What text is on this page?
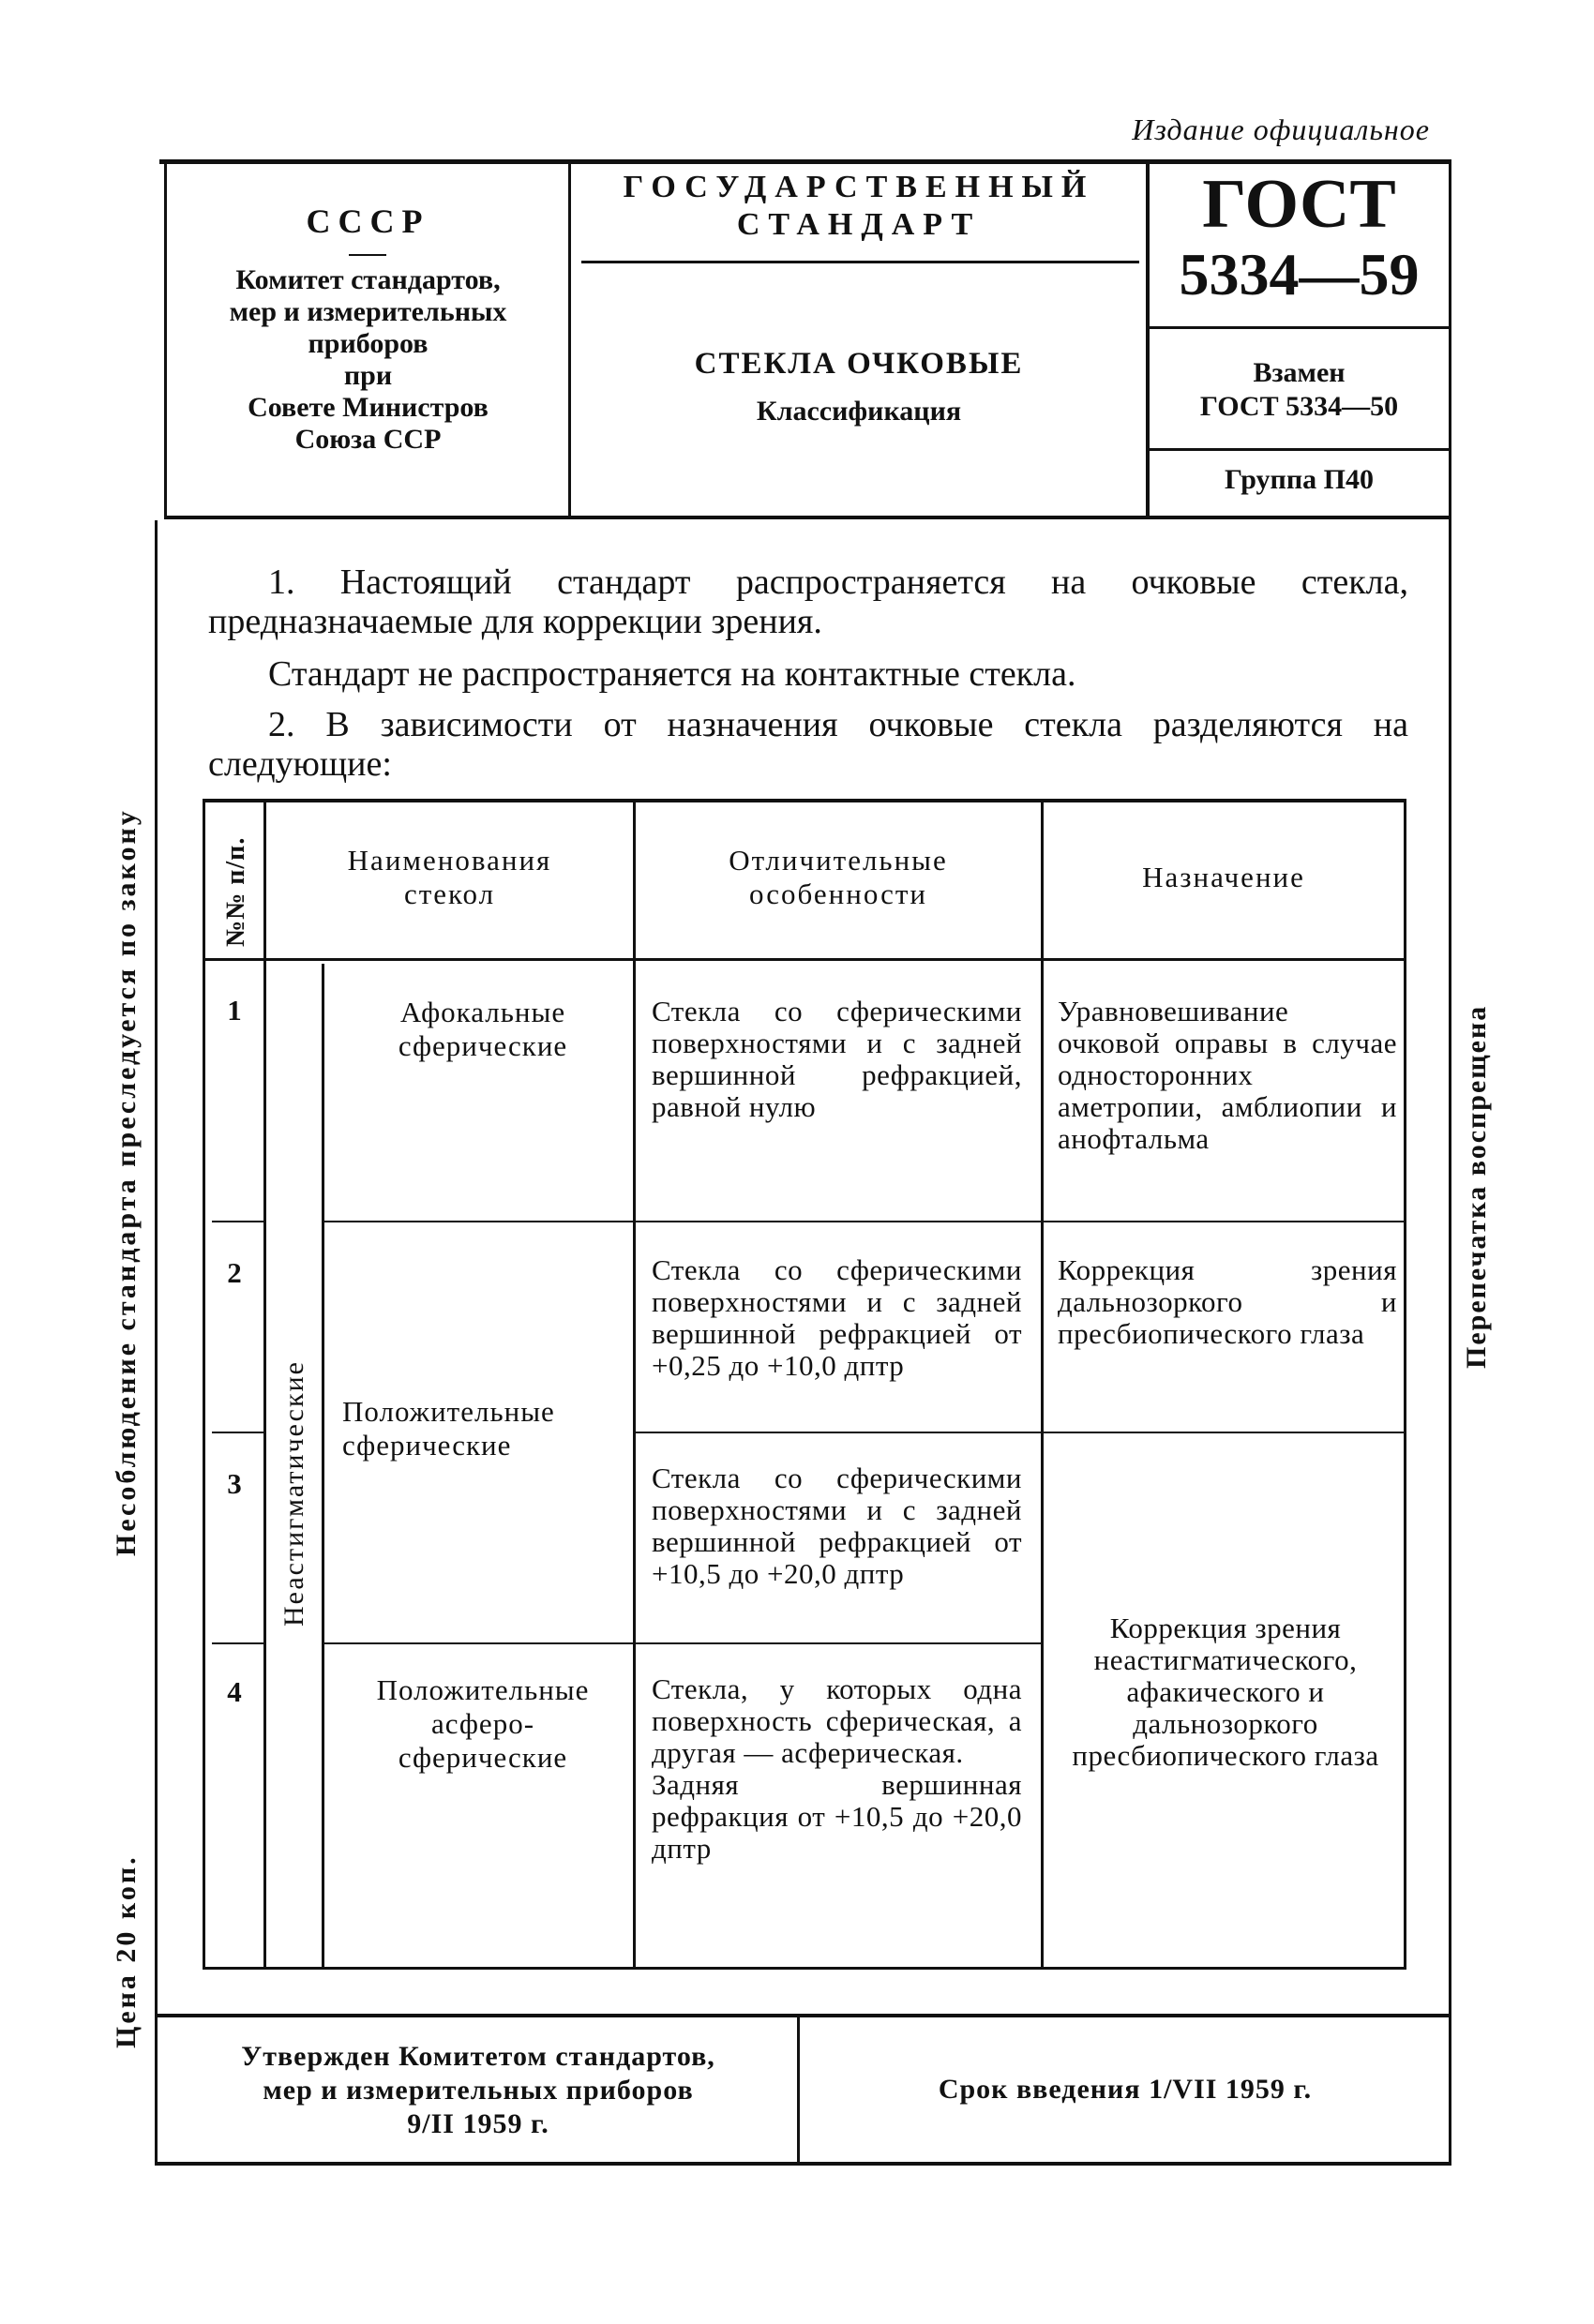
Издание официальное
СССР
Комитет стандартов,
мер и измерительных
приборов
при
Совете Министров
Союза ССР
ГОСУДАРСТВЕННЫЙ
СТАНДАРТ
СТЕКЛА ОЧКОВЫЕ
Классификация
ГОСТ
5334—59
Взамен
ГОСТ 5334—50
Группа П40
1. Настоящий стандарт распространяется на очковые стекла, предназначаемые для коррекции зрения.
Стандарт не распространяется на контактные стекла.
2. В зависимости от назначения очковые стекла разделяются на следующие:
№№ п/п.	Наименования
стекол
Отличительные
особенности
Назначение
Неастигматические
1
2
3
4
Афокальные
сферические
Положительные
сферические
Положительные асферо-сферические
Стекла со сферическими поверхностями и с задней вершинной рефракцией, равной нулю
Стекла со сферическими поверхностями и с задней вершинной рефракцией от +0,25 до +10,0 дптр
Стекла со сферическими поверхностями и с задней вершинной рефракцией от +10,5 до +20,0 дптр
Стекла, у которых одна поверхность сферическая, а другая — асферическая.
Задняя вершинная рефракция от +10,5 до +20,0 дптр
Уравновешивание очковой оправы в случае односторонних аметропии, амблиопии и анофтальма
Коррекция зрения дальнозоркого и пресбиопического глаза
Коррекция зрения неастигматического, афакического и дальнозоркого пресбиопического глаза
Несоблюдение стандарта преследуется по закону
Цена 20 коп.
Перепечатка воспрещена
Утвержден Комитетом стандартов,
мер и измерительных приборов
9/II 1959 г.
Срок введения 1/VII 1959 г.
